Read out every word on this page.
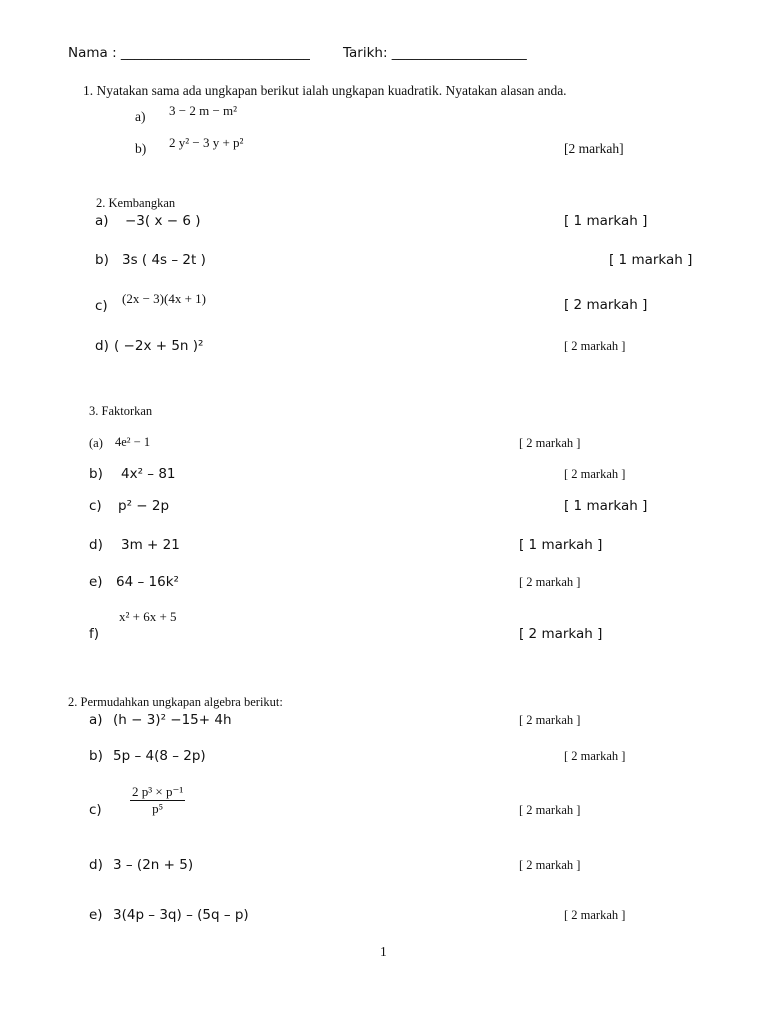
Nama : ____________________________ Tarikh: ____________________
1. Nyatakan sama ada ungkapan berikut ialah ungkapan kuadratik. Nyatakan alasan anda.
a) 3 − 2 m − m²
b) 2 y² − 3 y + p²	[2 markah]
2. Kembangkan
a) −3( x − 6 )	[ 1 markah ]
b) 3s ( 4s – 2t )	[ 1 markah ]
c) (2x − 3)(4x + 1)	[ 2 markah ]
d) ( −2x + 5n )²	[ 2 markah ]
3. Faktorkan
(a) 4e² − 1	[ 2 markah ]
b) 4x² – 81	[ 2 markah ]
c) p² − 2p	[ 1 markah ]
d) 3m + 21	[ 1 markah ]
e) 64 – 16k²	[ 2 markah ]
f)
x² + 6x + 5
[ 2 markah ]
2. Permudahkan ungkapan algebra berikut:
a) (h − 3)² −15+ 4h	[ 2 markah ]
b) 5p – 4(8 – 2p)	[ 2 markah ]
$c) \frac{\text{2 p³ × p⁻¹}}{\text{p⁵}}$	[ 2 markah ]
d) 3 – (2n + 5)	[ 2 markah ]
e) 3(4p – 3q) – (5q – p)	[ 2 markah ]
1
